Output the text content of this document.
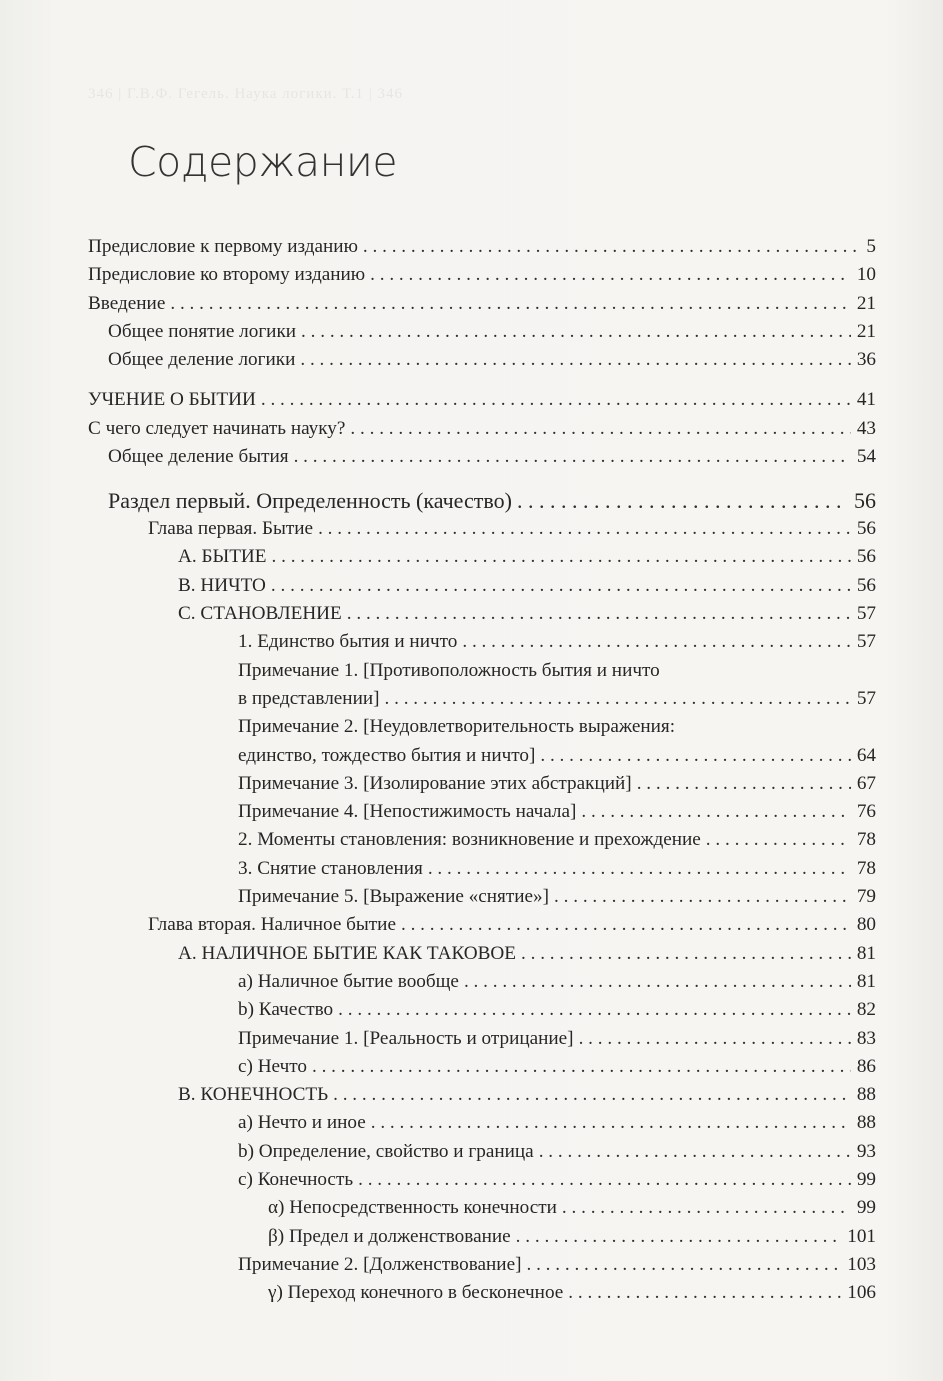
346 | Г.В.Ф. Гегель. Наука логики. Т.1 | 346
Содержание
Предисловие к первому изданию . . .	5
Предисловие ко второму изданию . . .	10
Введение . . .	21
Общее понятие логики . . .	21
Общее деление логики . . .	36
УЧЕНИЕ О БЫТИИ . . .	41
С чего следует начинать науку? . . .	43
Общее деление бытия . . .	54
Раздел первый. Определенность (качество) . . .	56
Глава первая. Бытие . . .	56
А. БЫТИЕ . . .	56
В. НИЧТО . . .	56
С. СТАНОВЛЕНИЕ . . .	57
1. Единство бытия и ничто . . .	57
Примечание 1. [Противоположность бытия и ничто
в представлении] . . .	57
Примечание 2. [Неудовлетворительность выражения:
единство, тождество бытия и ничто] . . .	64
Примечание 3. [Изолирование этих абстракций] . . .	67
Примечание 4. [Непостижимость начала] . . .	76
2. Моменты становления: возникновение и прехождение . . .	78
3. Снятие становления . . .	78
Примечание 5. [Выражение «снятие»] . . .	79
Глава вторая. Наличное бытие . . .	80
А. НАЛИЧНОЕ БЫТИЕ КАК ТАКОВОЕ . . .	81
a) Наличное бытие вообще . . .	81
b) Качество . . .	82
Примечание 1. [Реальность и отрицание] . . .	83
c) Нечто . . .	86
В. КОНЕЧНОСТЬ . . .	88
a) Нечто и иное . . .	88
b) Определение, свойство и граница . . .	93
c) Конечность . . .	99
α) Непосредственность конечности . . .	99
β) Предел и долженствование . . .	101
Примечание 2. [Долженствование] . . .	103
γ) Переход конечного в бесконечное . . .	106
